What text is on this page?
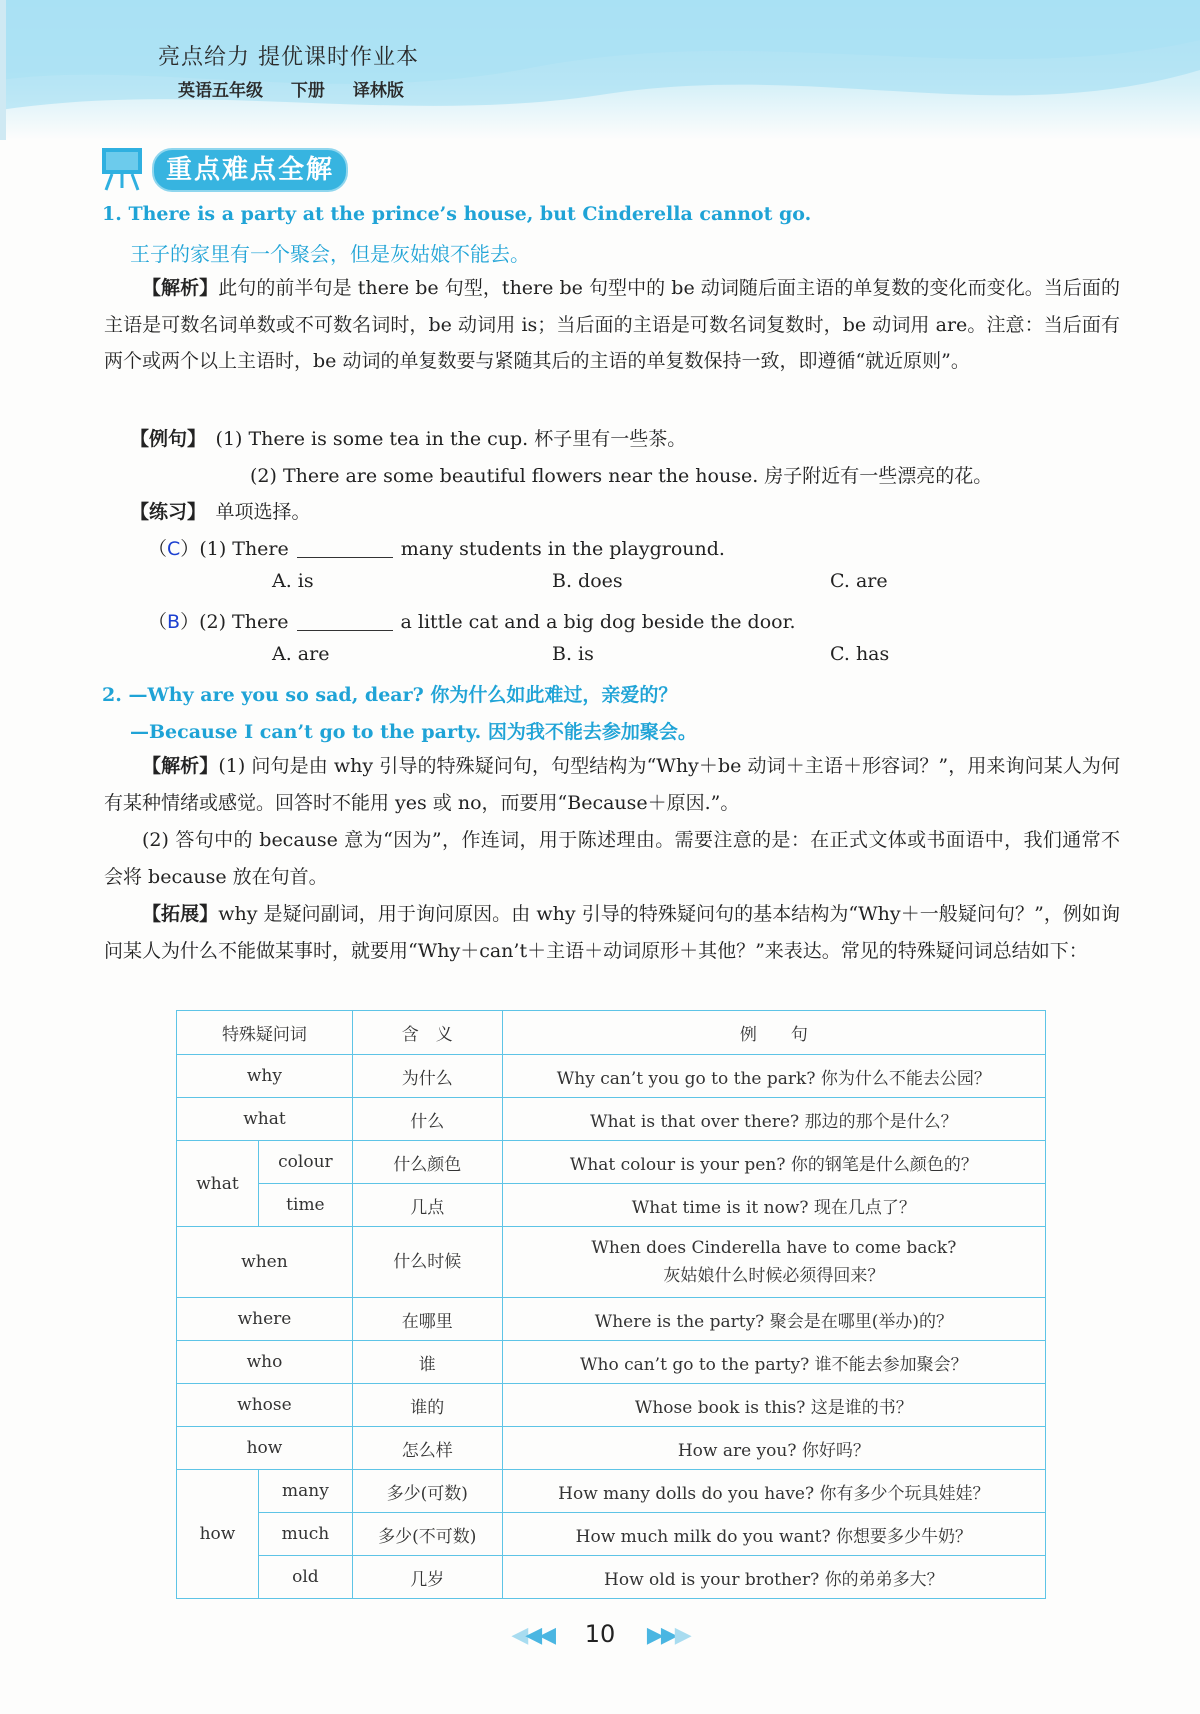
亮点给力 提优课时作业本
英语五年级 下册 译林版
重点难点全解
1. There is a party at the prince’s house, but Cinderella cannot go.
王子的家里有一个聚会，但是灰姑娘不能去。
【解析】此句的前半句是 there be 句型，there be 句型中的 be 动词随后面主语的单复数的变化而变化。当后面的主语是可数名词单数或不可数名词时，be 动词用 is；当后面的主语是可数名词复数时，be 动词用 are。注意：当后面有两个或两个以上主语时，be 动词的单复数要与紧随其后的主语的单复数保持一致，即遵循“就近原则”。
【例句】　 (1) There is some tea in the cup. 杯子里有一些茶。
(2) There are some beautiful flowers near the house. 房子附近有一些漂亮的花。
【练习】　 单项选择。
（C）(1) There	many students in the playground.
A. is	B. does	C. are
（B）(2) There	a little cat and a big dog beside the door.
A. are	B. is	C. has
2. —Why are you so sad, dear? 你为什么如此难过，亲爱的？
—Because I can’t go to the party. 因为我不能去参加聚会。
【解析】(1) 问句是由 why 引导的特殊疑问句，句型结构为“Why＋be 动词＋主语＋形容词？”，用来询问某人为何有某种情绪或感觉。回答时不能用 yes 或 no，而要用“Because＋原因.”。
(2) 答句中的 because 意为“因为”，作连词，用于陈述理由。需要注意的是：在正式文体或书面语中，我们通常不会将 because 放在句首。
【拓展】why 是疑问副词，用于询问原因。由 why 引导的特殊疑问句的基本结构为“Why＋一般疑问句？”，例如询问某人为什么不能做某事时，就要用“Why＋can’t＋主语＋动词原形＋其他？”来表达。常见的特殊疑问词总结如下：
特殊疑问词		含　义	例　　句
why		为什么	Why can’t you go to the park? 你为什么不能去公园？
what		什么	What is that over there? 那边的那个是什么？
what	colour	什么颜色	What colour is your pen? 你的钢笔是什么颜色的？
	time	几点	What time is it now? 现在几点了？
when		什么时候	When does Cinderella have to come back?
灰姑娘什么时候必须得回来？

where		在哪里	Where is the party? 聚会是在哪里(举办)的？
who		谁	Who can’t go to the party? 谁不能去参加聚会？
whose		谁的	Whose book is this? 这是谁的书？
how		怎么样	How are you? 你好吗？
how	many	多少(可数)	How many dolls do you have? 你有多少个玩具娃娃？
	much	多少(不可数)	How much milk do you want? 你想要多少牛奶？
	old	几岁	How old is your brother? 你的弟弟多大？
◀◀◀ 10 ▶▶▶
